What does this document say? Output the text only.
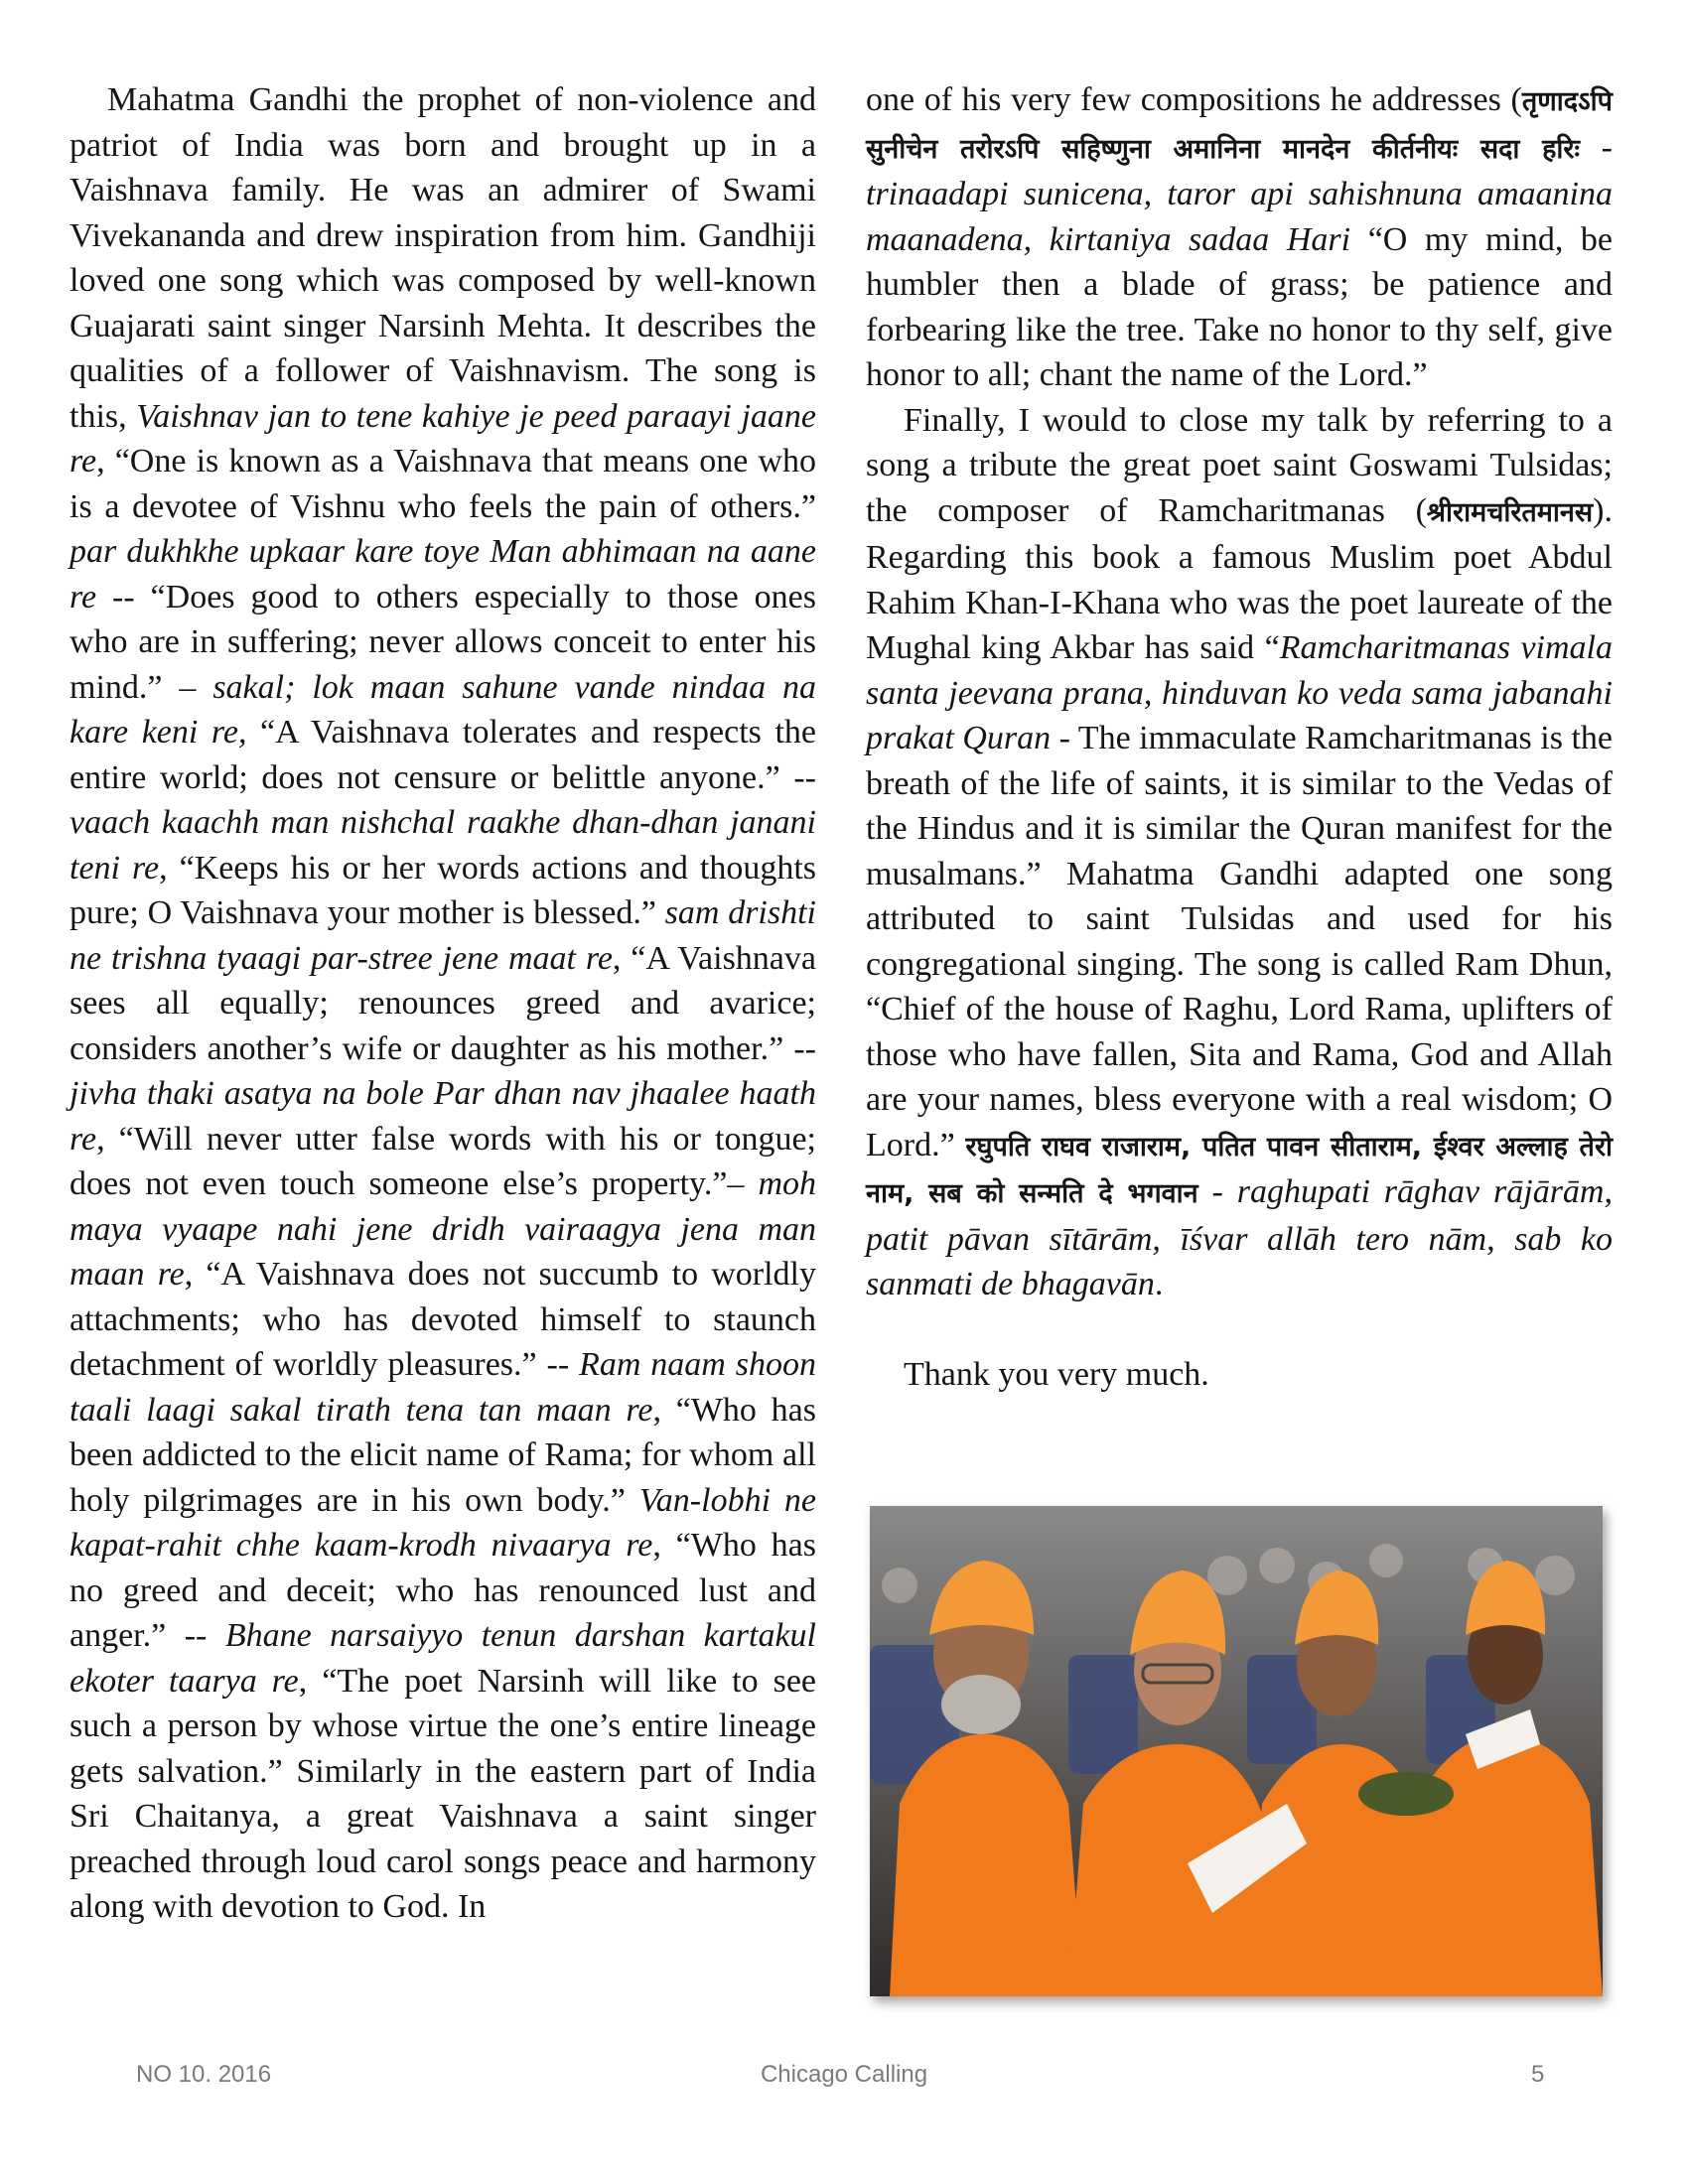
Mahatma Gandhi the prophet of non-violence and patriot of India was born and brought up in a Vaishnava family. He was an admirer of Swami Vivekananda and drew inspiration from him. Gandhiji loved one song which was composed by well-known Guajarati saint singer Narsinh Mehta. It describes the qualities of a follower of Vaishnavism. The song is this, Vaishnav jan to tene kahiye je peed paraayi jaane re, “One is known as a Vaishnava that means one who is a devotee of Vishnu who feels the pain of others.” par dukhkhe upkaar kare toye Man abhimaan na aane re -- “Does good to others especially to those ones who are in suffering; never allows conceit to enter his mind.” – sakal; lok maan sahune vande nindaa na kare keni re, “A Vaishnava tolerates and respects the entire world; does not censure or belittle anyone.” -- vaach kaachh man nishchal raakhe dhan-dhan janani teni re, “Keeps his or her words actions and thoughts pure; O Vaishnava your mother is blessed.” sam drishti ne trishna tyaagi par-stree jene maat re, “A Vaishnava sees all equally; renounces greed and avarice; considers another’s wife or daughter as his mother.” -- jivha thaki asatya na bole Par dhan nav jhaalee haath re, “Will never utter false words with his or tongue; does not even touch someone else’s property.”– moh maya vyaape nahi jene dridh vairaagya jena man maan re, “A Vaishnava does not succumb to worldly attachments; who has devoted himself to staunch detachment of worldly pleasures.” -- Ram naam shoon taali laagi sakal tirath tena tan maan re, “Who has been addicted to the elicit name of Rama; for whom all holy pilgrimages are in his own body.” Van-lobhi ne kapat-rahit chhe kaam-krodh nivaarya re, “Who has no greed and deceit; who has renounced lust and anger.” -- Bhane narsaiyyo tenun darshan kartakul ekoter taarya re, “The poet Narsinh will like to see such a person by whose virtue the one’s entire lineage gets salvation.” Similarly in the eastern part of India Sri Chaitanya, a great Vaishnava a saint singer preached through loud carol songs peace and harmony along with devotion to God. In

one of his very few compositions he addresses (तृणादऽपि सुनीचेन तरोरऽपि सहिष्णुना अमानिना मानदेन कीर्तनीयः सदा हरिः - trinaadapi sunicena, taror api sahishnuna amaanina maanadena, kirtaniya sadaa Hari “O my mind, be humbler then a blade of grass; be patience and forbearing like the tree. Take no honor to thy self, give honor to all; chant the name of the Lord.”

Finally, I would to close my talk by referring to a song a tribute the great poet saint Goswami Tulsidas; the composer of Ramcharitmanas (श्रीरामचरितमानस). Regarding this book a famous Muslim poet Abdul Rahim Khan-I-Khana who was the poet laureate of the Mughal king Akbar has said “Ramcharitmanas vimala santa jeevana prana, hinduvan ko veda sama jabanahi prakat Quran - The immaculate Ramcharitmanas is the breath of the life of saints, it is similar to the Vedas of the Hindus and it is similar the Quran manifest for the musalmans.” Mahatma Gandhi adapted one song attributed to saint Tulsidas and used for his congregational singing. The song is called Ram Dhun, “Chief of the house of Raghu, Lord Rama, uplifters of those who have fallen, Sita and Rama, God and Allah are your names, bless everyone with a real wisdom; O Lord.” रघुपति राघव राजाराम, पतित पावन सीताराम, ईश्वर अल्लाह तेरो नाम, सब को सन्मति दे भगवान - raghupati rāghav rājārām, patit pāvan sītārām, īśvar allāh tero nām, sab ko sanmati de bhagavān.

Thank you very much.

NO 10. 2016	Chicago Calling	5
